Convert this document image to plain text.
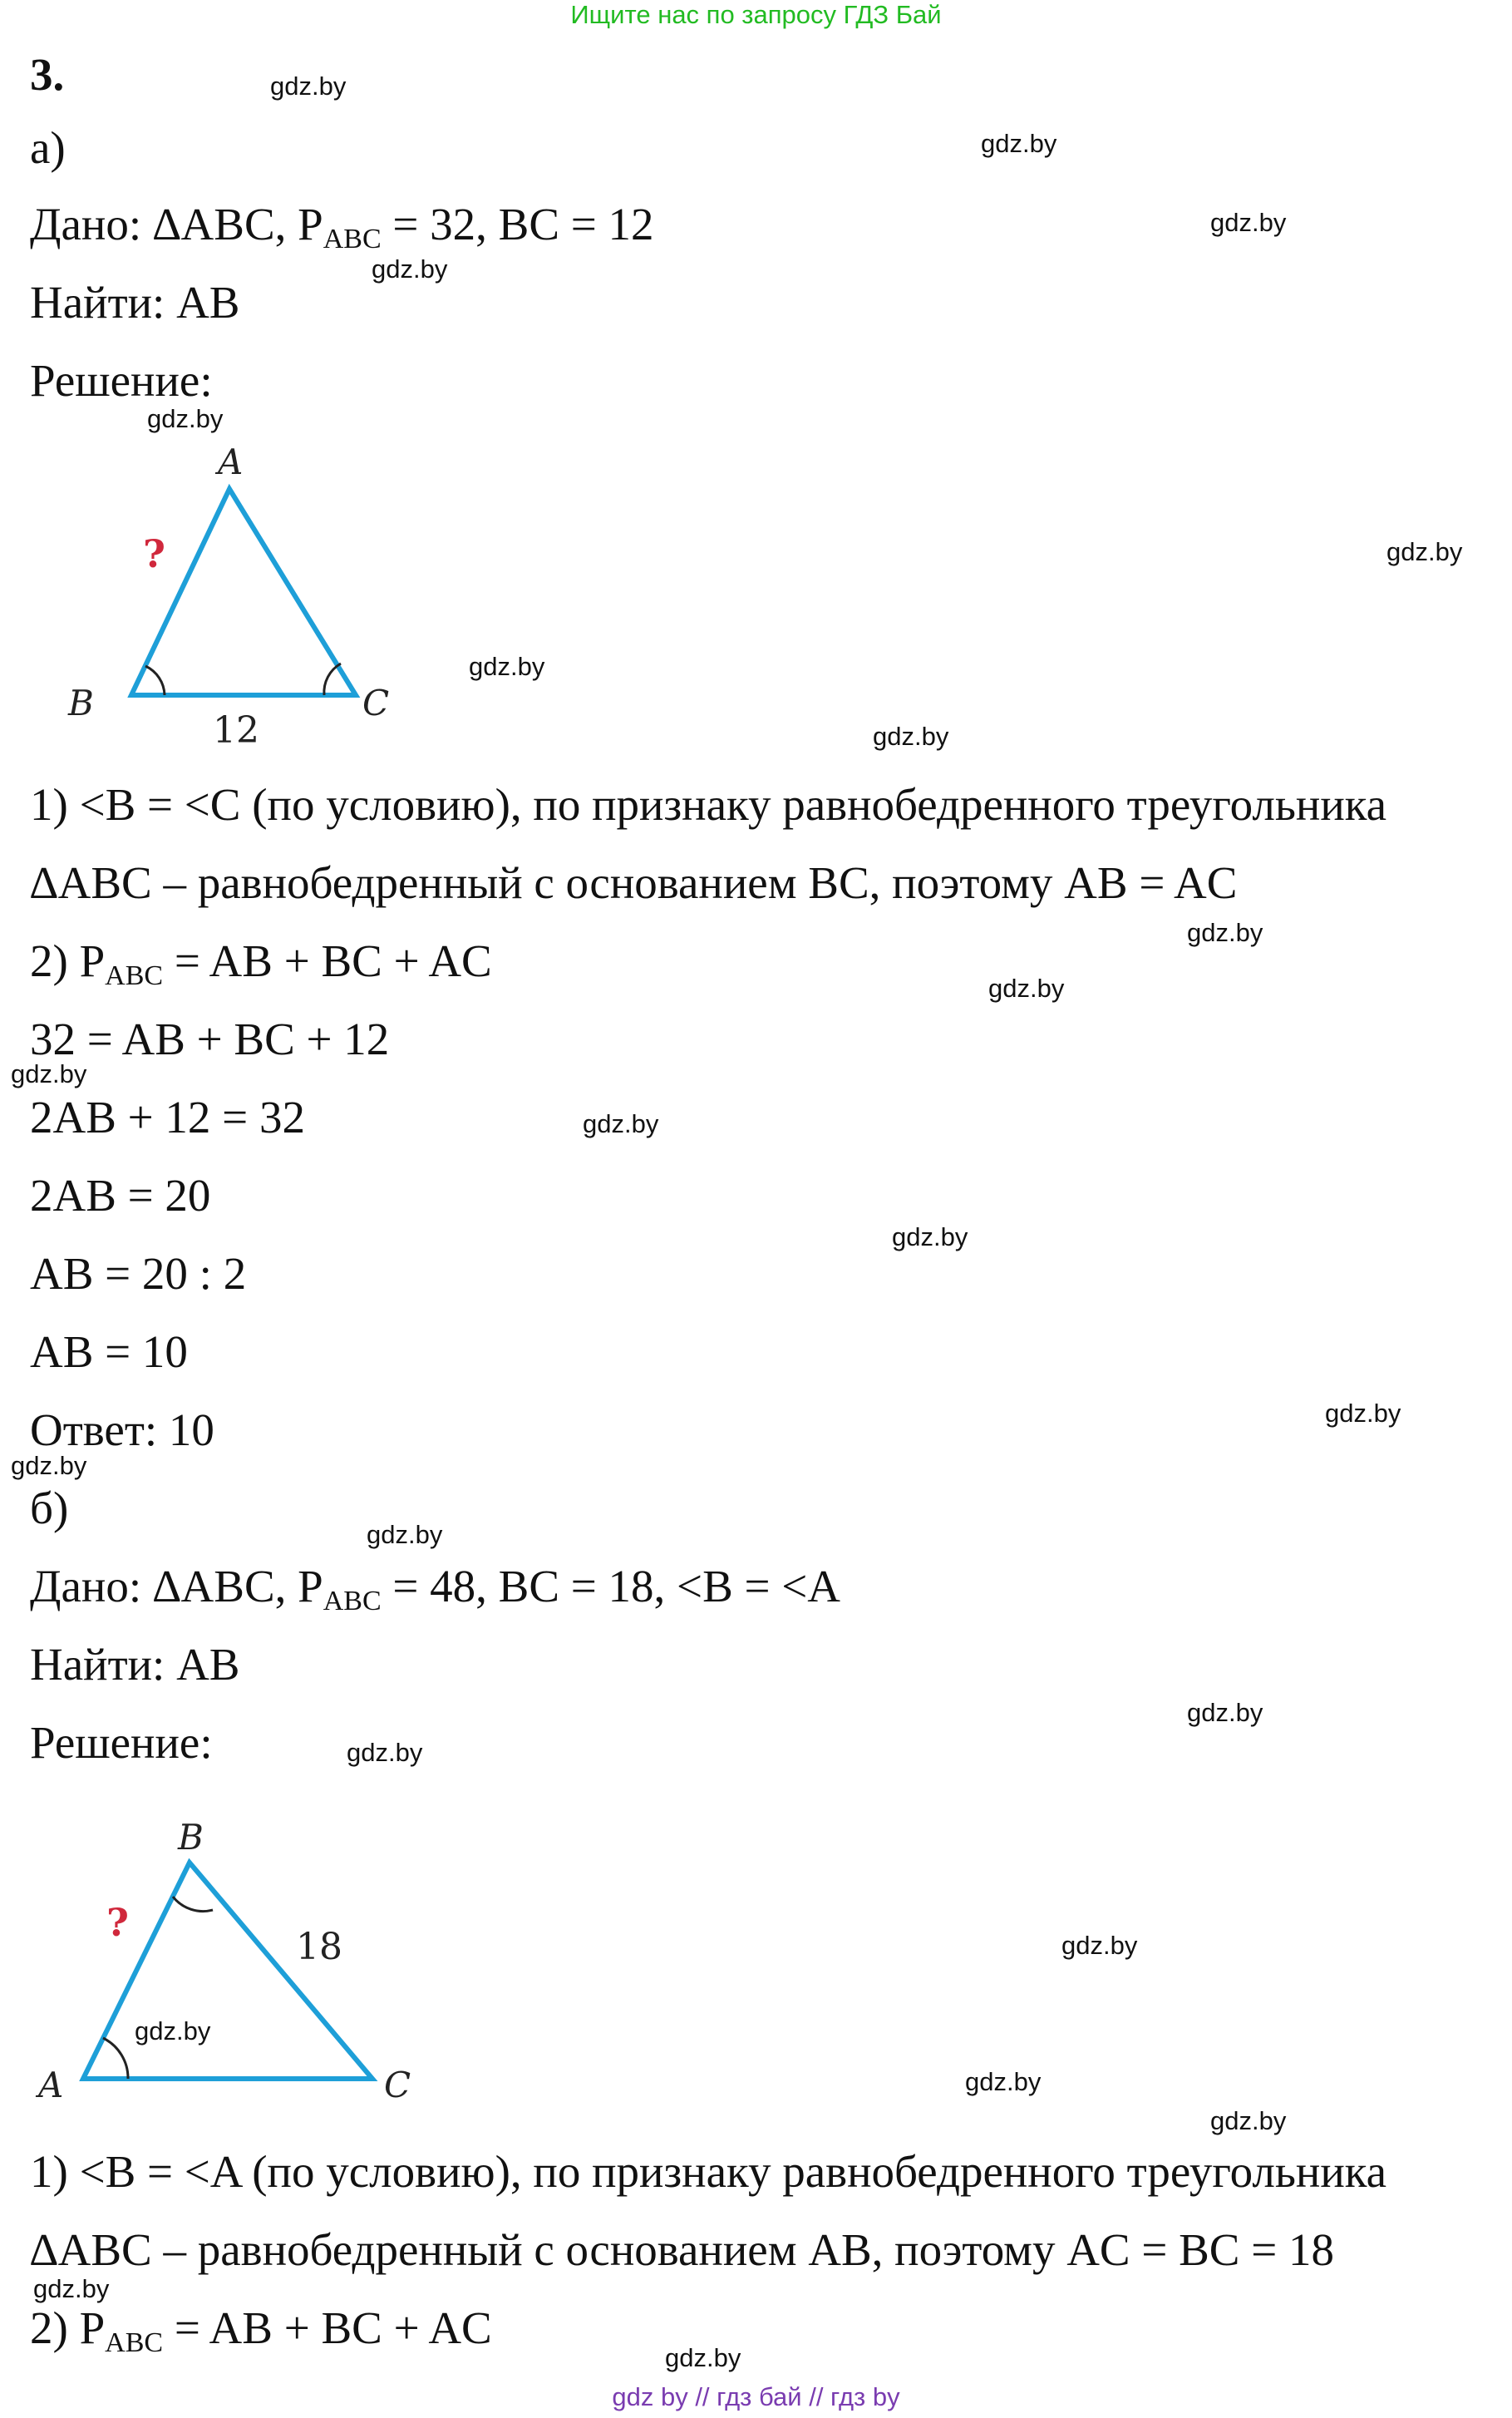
Ищите нас по запросу ГДЗ Бай
3.
а)
Дано: ∆ABC, $P_{ABC} = 32$, BC = 12
Найти: AB
Решение:
A
B	C
?
12
1) <B = <C (по условию), по признаку равнобедренного треугольника
∆ABC – равнобедренный с основанием BC, поэтому AB = AC
2) $P_{ABC}$ = AB + BC + AC
32 = AB + BC + 12
2AB + 12 = 32
2AB = 20
AB = 20 : 2
AB = 10
Ответ: 10
б)
Дано: ∆ABC, $P_{ABC} = 48$, BC = 18, <B = <A
Найти: AB
Решение:
B
A	C
?
18
1) <B = <A (по условию), по признаку равнобедренного треугольника
∆ABC – равнобедренный с основанием AB, поэтому AC = BC = 18
2) $P_{ABC}$ = AB + BC + AC
gdz.by
gdz.by
gdz.by
gdz.by
gdz.by
gdz.by
gdz.by
gdz.by
gdz.by
gdz.by
gdz.by
gdz.by
gdz.by
gdz.by
gdz.by
gdz.by
gdz.by
gdz.by
gdz.by
gdz.by
gdz.by
gdz.by
gdz.by
gdz.by
gdz by // гдз бай // гдз by
